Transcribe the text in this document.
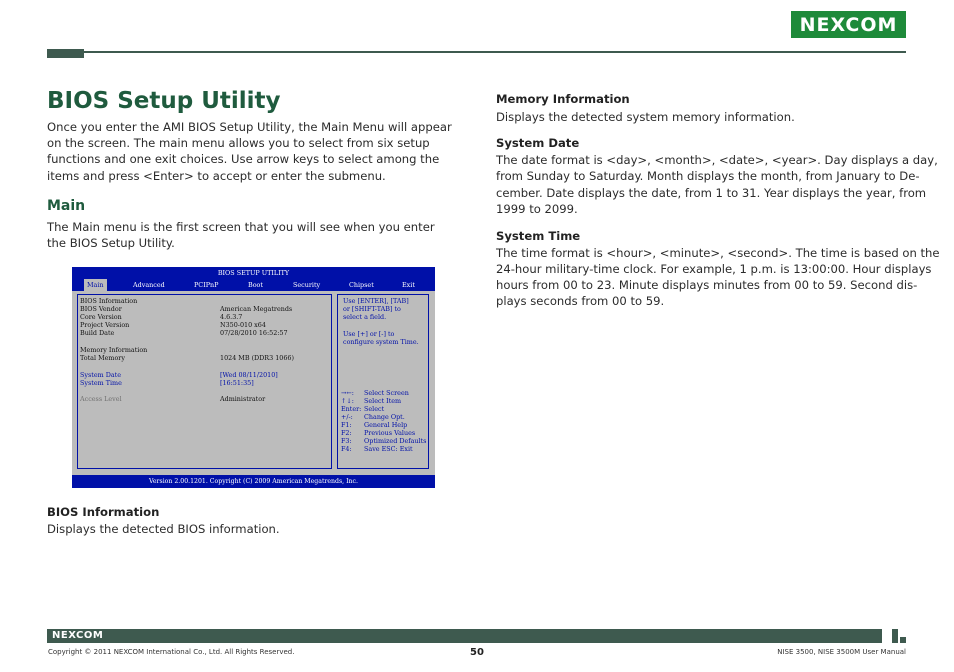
NEXCOM
BIOS Setup Utility

Once you enter the AMI BIOS Setup Utility, the Main Menu will appear on the screen. The main menu allows you to select from six setup functions and one exit choices. Use arrow keys to select among the items and press <Enter> to accept or enter the submenu.

Main

The Main menu is the first screen that you will see when you enter the BIOS Setup Utility.

BIOS SETUP UTILITY
Main	Advanced	PCIPnP	Boot	Security	Chipset	Exit
BIOS Information
BIOS Vendor	American Megatrends
Core Version	4.6.3.7
Project Version	N350-010 x64
Build Date	07/28/2010 16:52:57
Memory Information
Total Memory	1024 MB (DDR3 1066)
System Date	[Wed 08/11/2010]
System Time	[16:51:35]
Access Level	Administrator
Use [ENTER], [TAB]
or [SHIFT-TAB] to
select a field.
Use [+] or [-] to
configure system Time.
→←: Select Screen
↑↓: Select Item
Enter: Select
+/-: Change Opt.
F1: General Help
F2: Previous Values
F3: Optimized Defaults
F4: Save ESC: Exit
Version 2.00.1201. Copyright (C) 2009 American Megatrends, Inc.

BIOS Information

Displays the detected BIOS information.

Memory Information

Displays the detected system memory information.

System Date

The date format is <day>, <month>, <date>, <year>. Day displays a day,

from Sunday to Saturday. Month displays the month, from January to De-

cember. Date displays the date, from 1 to 31. Year displays the year, from

1999 to 2099.

System Time

The time format is <hour>, <minute>, <second>. The time is based on the

24-hour military-time clock. For example, 1 p.m. is 13:00:00. Hour displays

hours from 00 to 23. Minute displays minutes from 00 to 59. Second dis-

plays seconds from 00 to 59.

NEXCOM
Copyright © 2011 NEXCOM International Co., Ltd. All Rights Reserved.	50	NISE 3500, NISE 3500M User Manual
